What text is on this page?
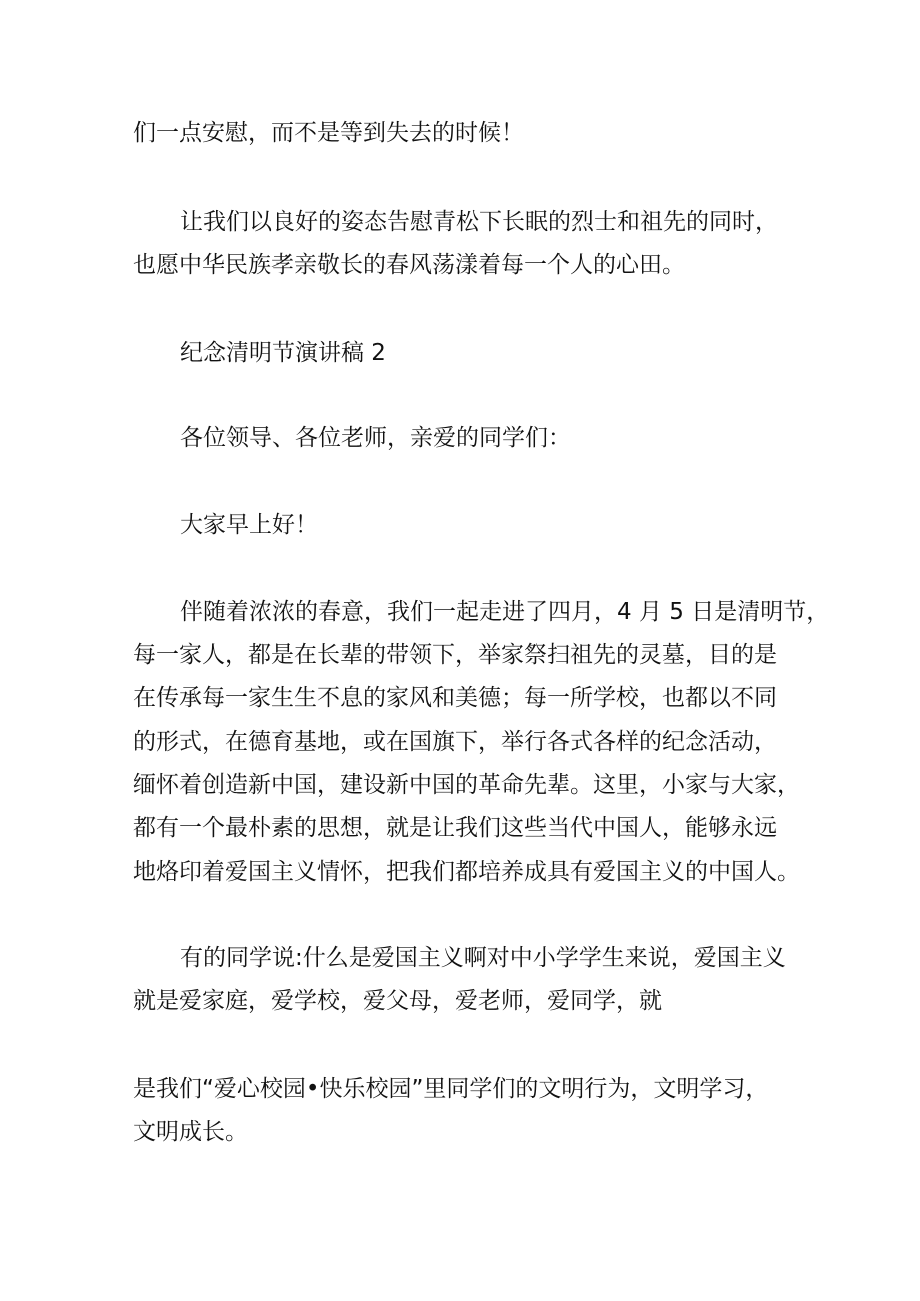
们一点安慰，而不是等到失去的时候！
让我们以良好的姿态告慰青松下长眠的烈士和祖先的同时，
也愿中华民族孝亲敬长的春风荡漾着每一个人的心田。
纪念清明节演讲稿 2
各位领导、各位老师，亲爱的同学们：
大家早上好！
伴随着浓浓的春意，我们一起走进了四月，4 月 5 日是清明节，
每一家人，都是在长辈的带领下，举家祭扫祖先的灵墓，目的是
在传承每一家生生不息的家风和美德；每一所学校，也都以不同
的形式，在德育基地，或在国旗下，举行各式各样的纪念活动，
缅怀着创造新中国，建设新中国的革命先辈。这里，小家与大家，
都有一个最朴素的思想，就是让我们这些当代中国人，能够永远
地烙印着爱国主义情怀，把我们都培养成具有爱国主义的中国人。
有的同学说:什么是爱国主义啊对中小学学生来说，爱国主义
就是爱家庭，爱学校，爱父母，爱老师，爱同学，就
是我们“爱心校园•快乐校园”里同学们的文明行为，文明学习，
文明成长。
